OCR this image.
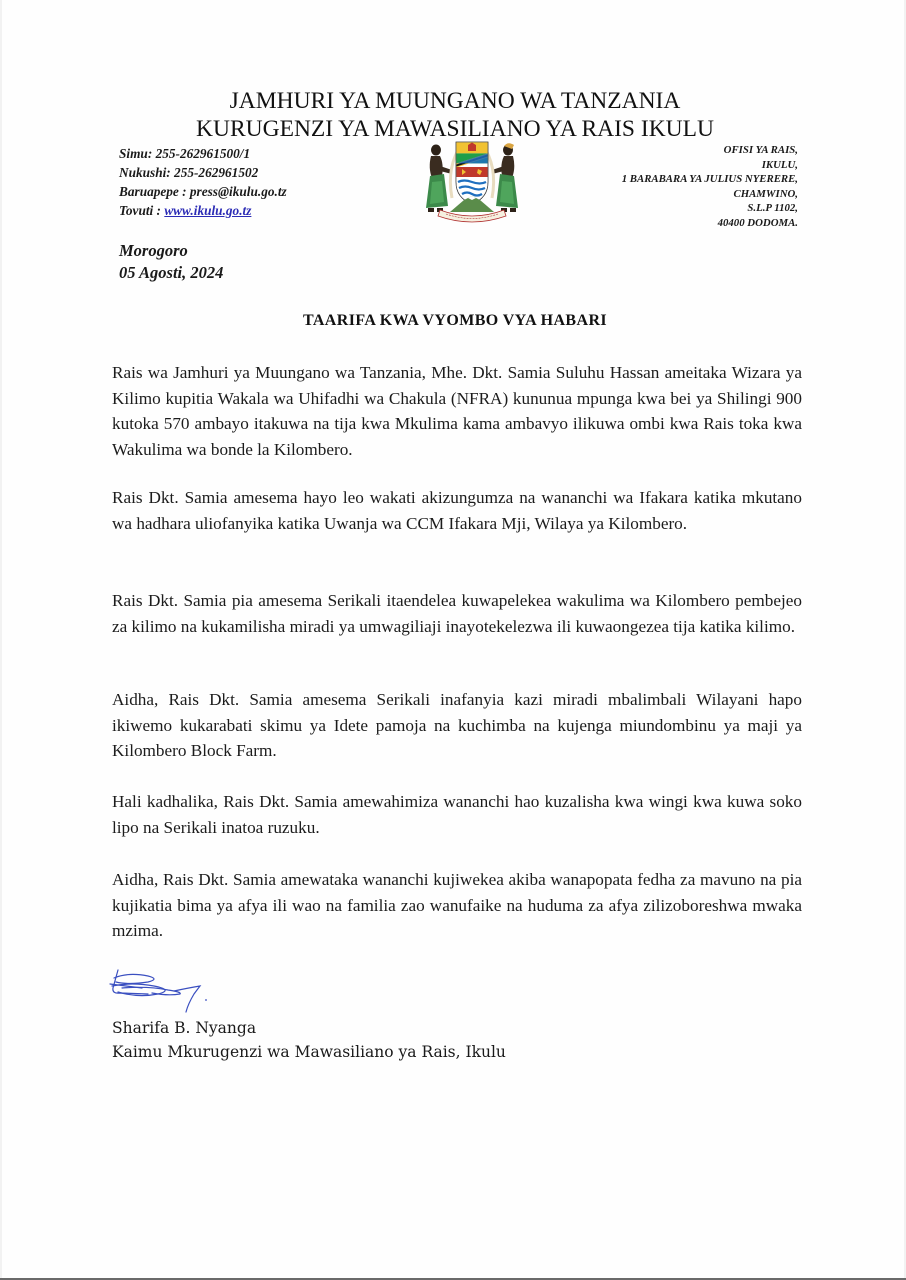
JAMHURI YA MUUNGANO WA TANZANIA
KURUGENZI YA MAWASILIANO YA RAIS IKULU
Simu: 255-262961500/1
Nukushi: 255-262961502
Baruapepe : press@ikulu.go.tz
Tovuti : www.ikulu.go.tz
OFISI YA RAIS,
IKULU,
1 BARABARA YA JULIUS NYERERE,
CHAMWINO,
S.L.P 1102,
40400 DODOMA.
Morogoro
05 Agosti, 2024
TAARIFA KWA VYOMBO VYA HABARI

Rais wa Jamhuri ya Muungano wa Tanzania, Mhe. Dkt. Samia Suluhu Hassan ameitaka Wizara ya Kilimo kupitia Wakala wa Uhifadhi wa Chakula (NFRA) kununua mpunga kwa bei ya Shilingi 900 kutoka 570 ambayo itakuwa na tija kwa Mkulima kama ambavyo ilikuwa ombi kwa Rais toka kwa Wakulima wa bonde la Kilombero.

Rais Dkt. Samia amesema hayo leo wakati akizungumza na wananchi wa Ifakara katika mkutano wa hadhara uliofanyika katika Uwanja wa CCM Ifakara Mji, Wilaya ya Kilombero.

Rais Dkt. Samia pia amesema Serikali itaendelea kuwapelekea wakulima wa Kilombero pembejeo za kilimo na kukamilisha miradi ya umwagiliaji inayotekelezwa ili kuwaongezea tija katika kilimo.

Aidha, Rais Dkt. Samia amesema Serikali inafanyia kazi miradi mbalimbali Wilayani hapo ikiwemo kukarabati skimu ya Idete pamoja na kuchimba na kujenga miundombinu ya maji ya Kilombero Block Farm.

Hali kadhalika, Rais Dkt. Samia amewahimiza wananchi hao kuzalisha kwa wingi kwa kuwa soko lipo na Serikali inatoa ruzuku.

Aidha, Rais Dkt. Samia amewataka wananchi kujiwekea akiba wanapopata fedha za mavuno na pia kujikatia bima ya afya ili wao na familia zao wanufaike na huduma za afya zilizoboreshwa mwaka mzima.

Sharifa B. Nyanga
Kaimu Mkurugenzi wa Mawasiliano ya Rais, Ikulu
